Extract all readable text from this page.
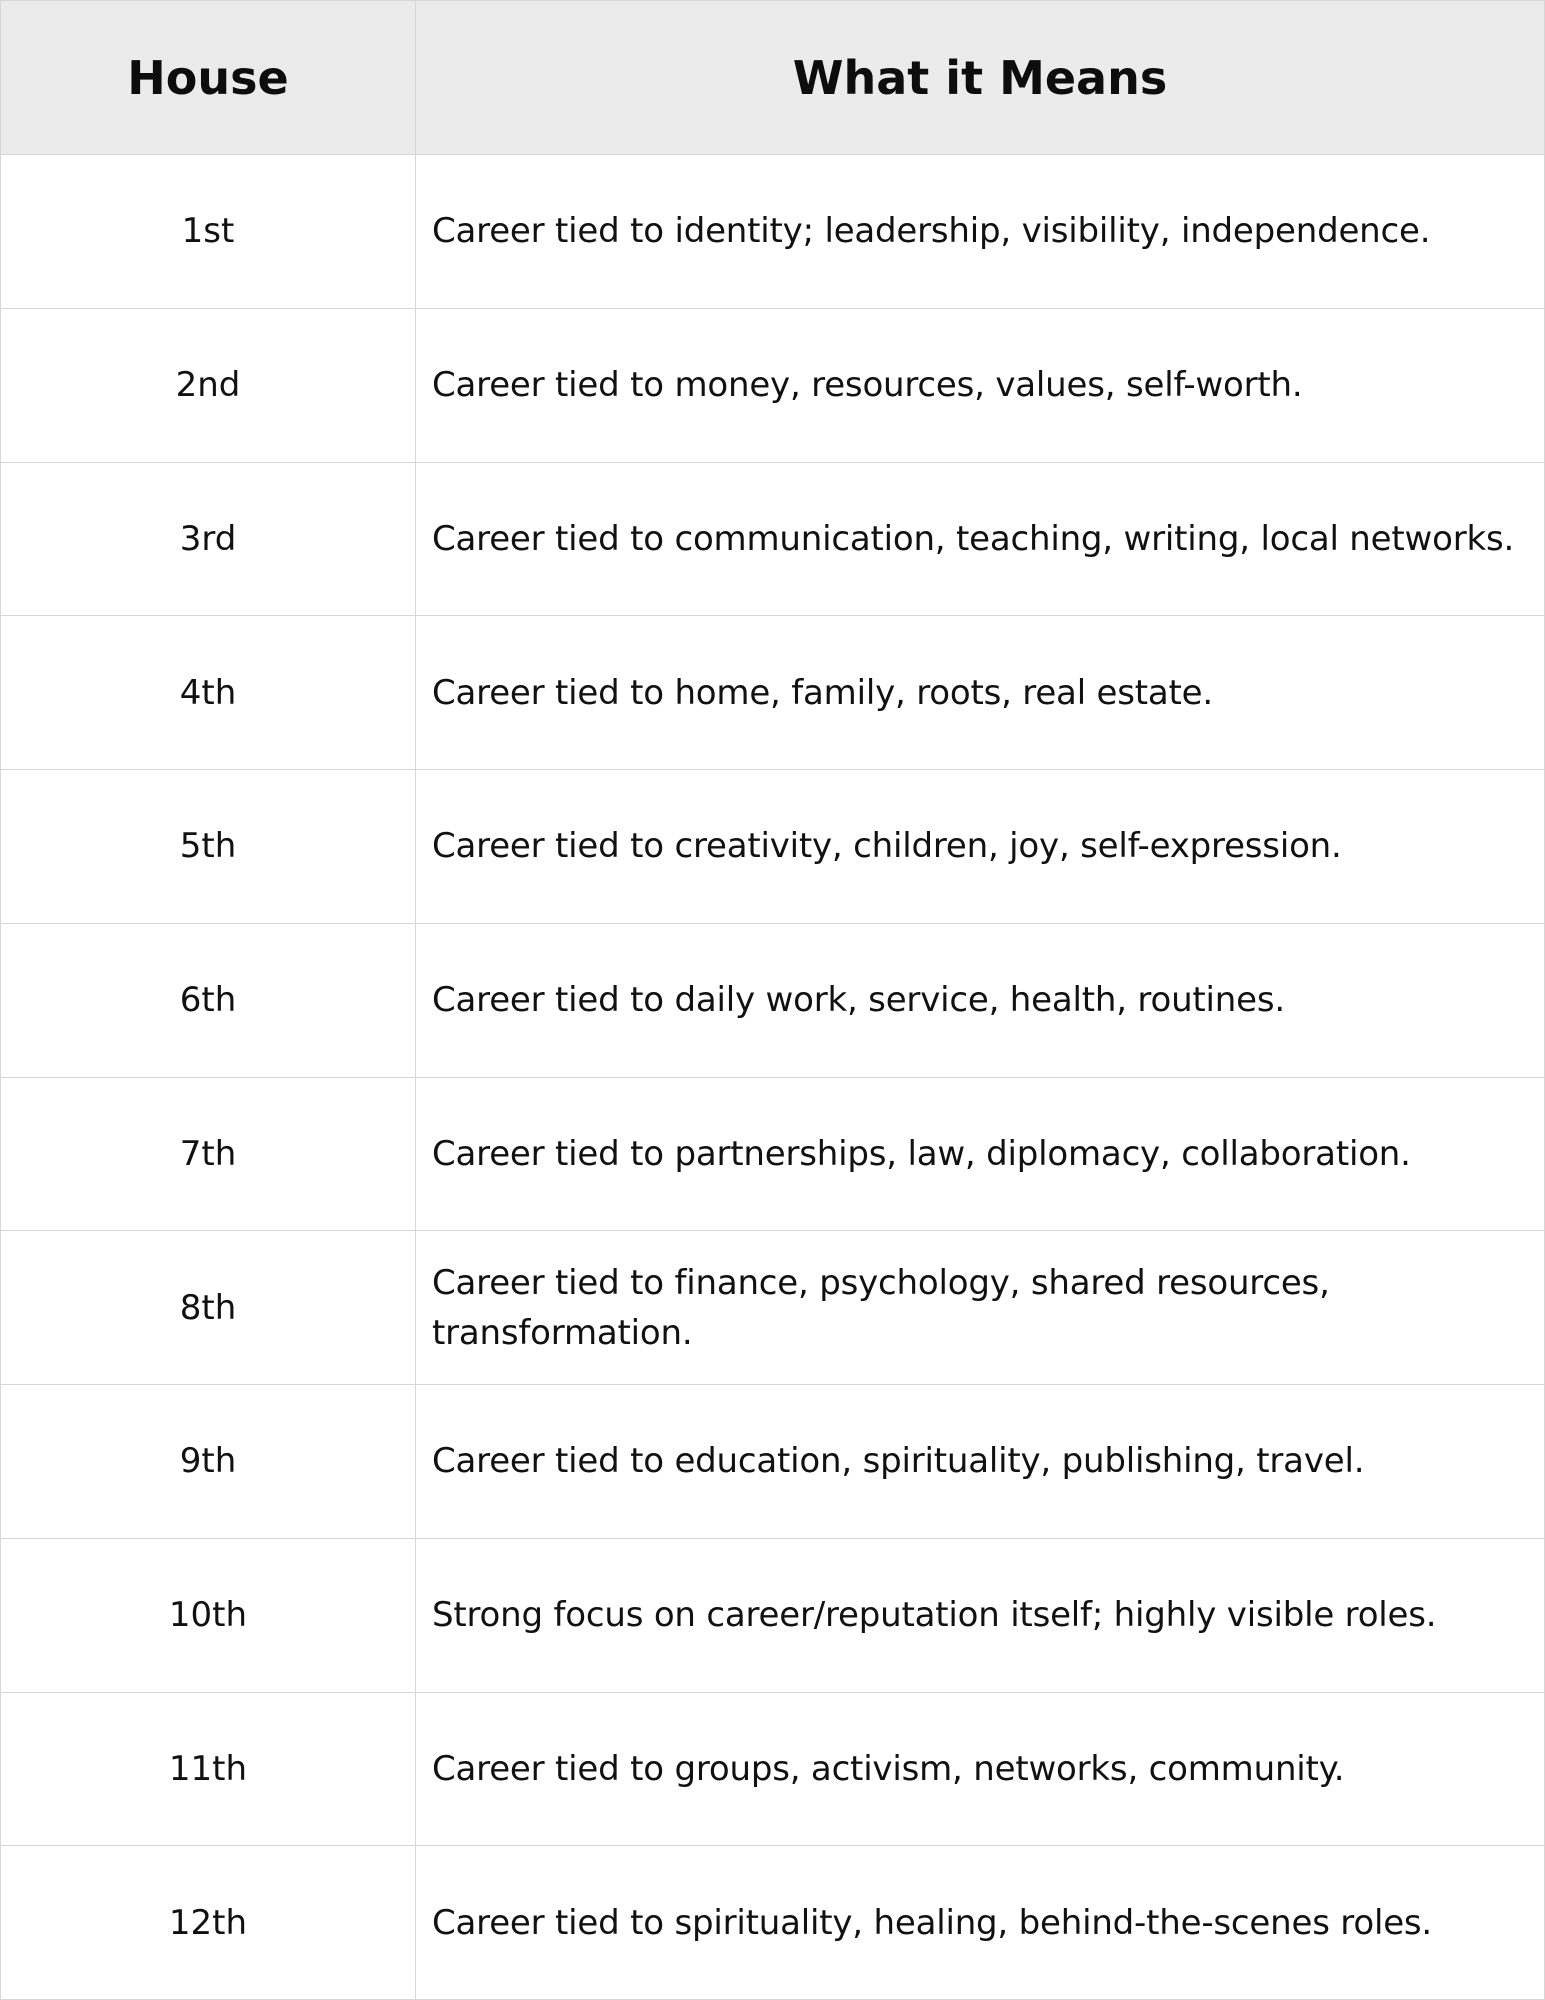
House	What it Means
1st	Career tied to identity; leadership, visibility, independence.
2nd	Career tied to money, resources, values, self-worth.
3rd	Career tied to communication, teaching, writing, local networks.
4th	Career tied to home, family, roots, real estate.
5th	Career tied to creativity, children, joy, self-expression.
6th	Career tied to daily work, service, health, routines.
7th	Career tied to partnerships, law, diplomacy, collaboration.
8th	Career tied to finance, psychology, shared resources, transformation.
9th	Career tied to education, spirituality, publishing, travel.
10th	Strong focus on career/reputation itself; highly visible roles.
11th	Career tied to groups, activism, networks, community.
12th	Career tied to spirituality, healing, behind-the-scenes roles.
